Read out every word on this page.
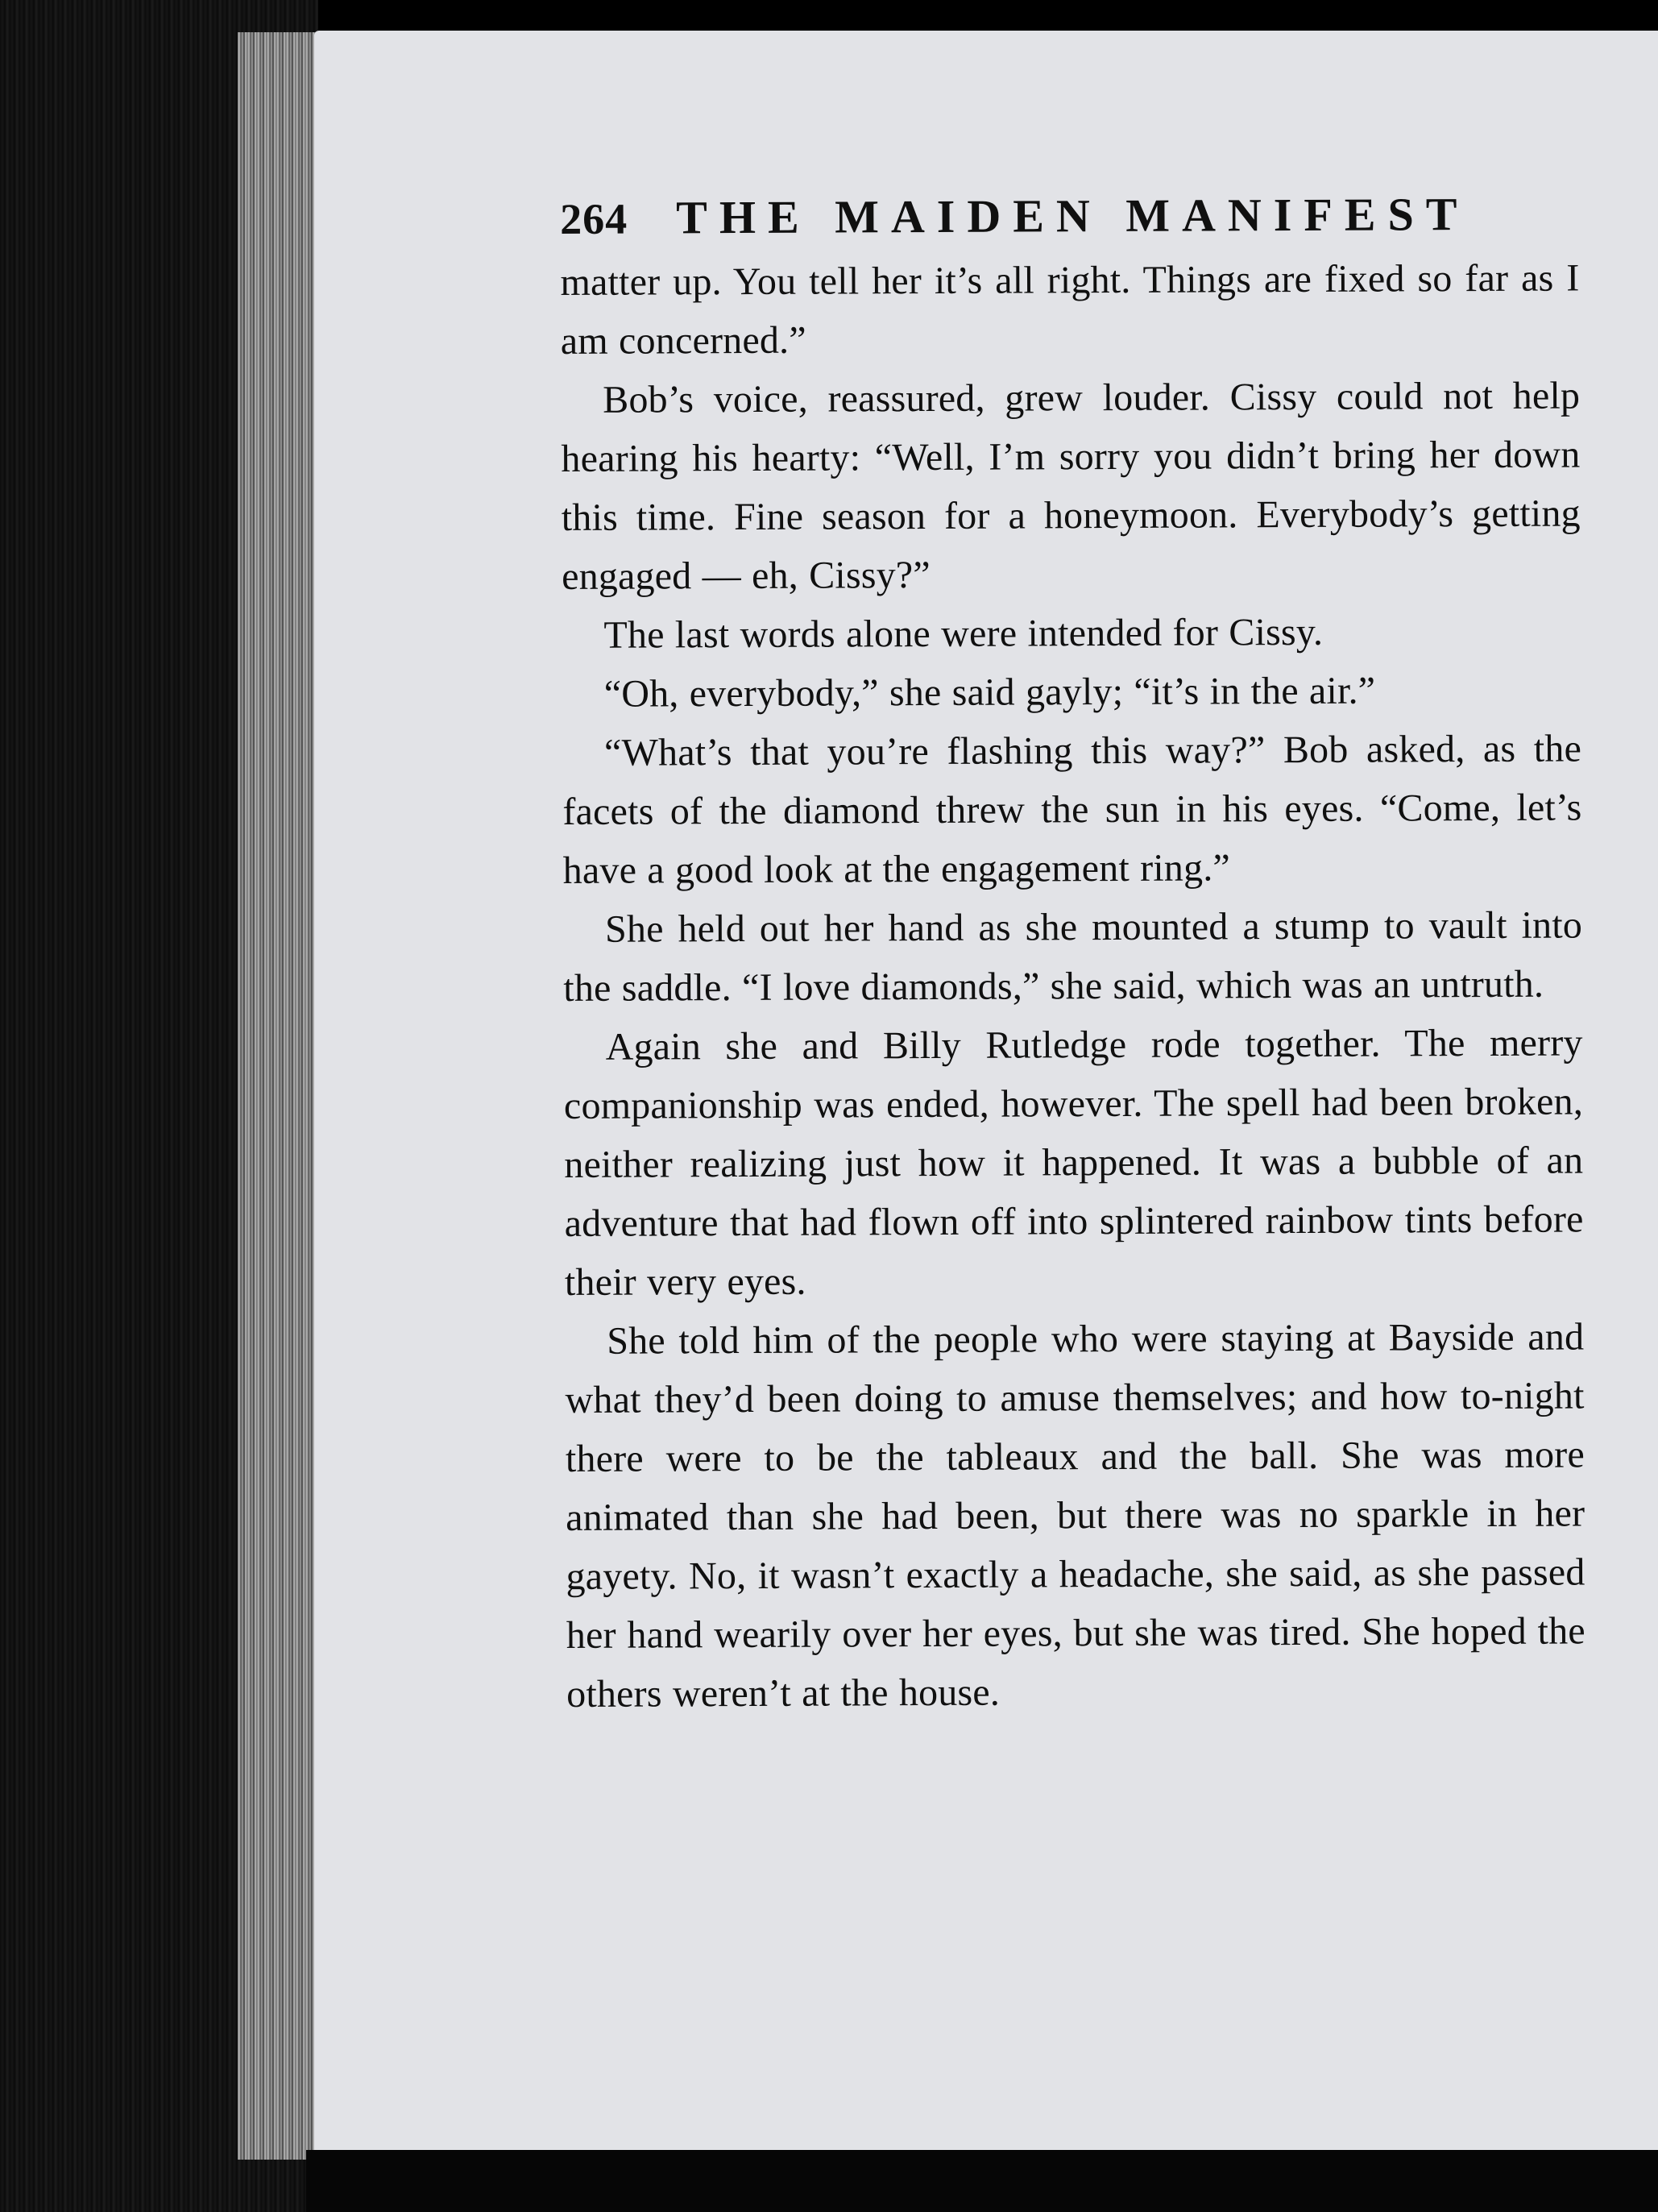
264 THE MAIDEN MANIFEST

matter up. You tell her it’s all right. Things are fixed so far as I am concerned.”

Bob’s voice, reassured, grew louder. Cissy could not help hearing his hearty: “Well, I’m sorry you didn’t bring her down this time. Fine season for a honeymoon. Everybody’s getting engaged — eh, Cissy?”

The last words alone were intended for Cissy.

“Oh, everybody,” she said gayly; “it’s in the air.”

“What’s that you’re flashing this way?” Bob asked, as the facets of the diamond threw the sun in his eyes. “Come, let’s have a good look at the engagement ring.”

She held out her hand as she mounted a stump to vault into the saddle. “I love diamonds,” she said, which was an untruth.

Again she and Billy Rutledge rode together. The merry companionship was ended, however. The spell had been broken, neither realizing just how it happened. It was a bubble of an adventure that had flown off into splintered rainbow tints before their very eyes.

She told him of the people who were staying at Bayside and what they’d been doing to amuse themselves; and how to-night there were to be the tableaux and the ball. She was more animated than she had been, but there was no sparkle in her gayety. No, it wasn’t exactly a headache, she said, as she passed her hand wearily over her eyes, but she was tired. She hoped the others weren’t at the house.
